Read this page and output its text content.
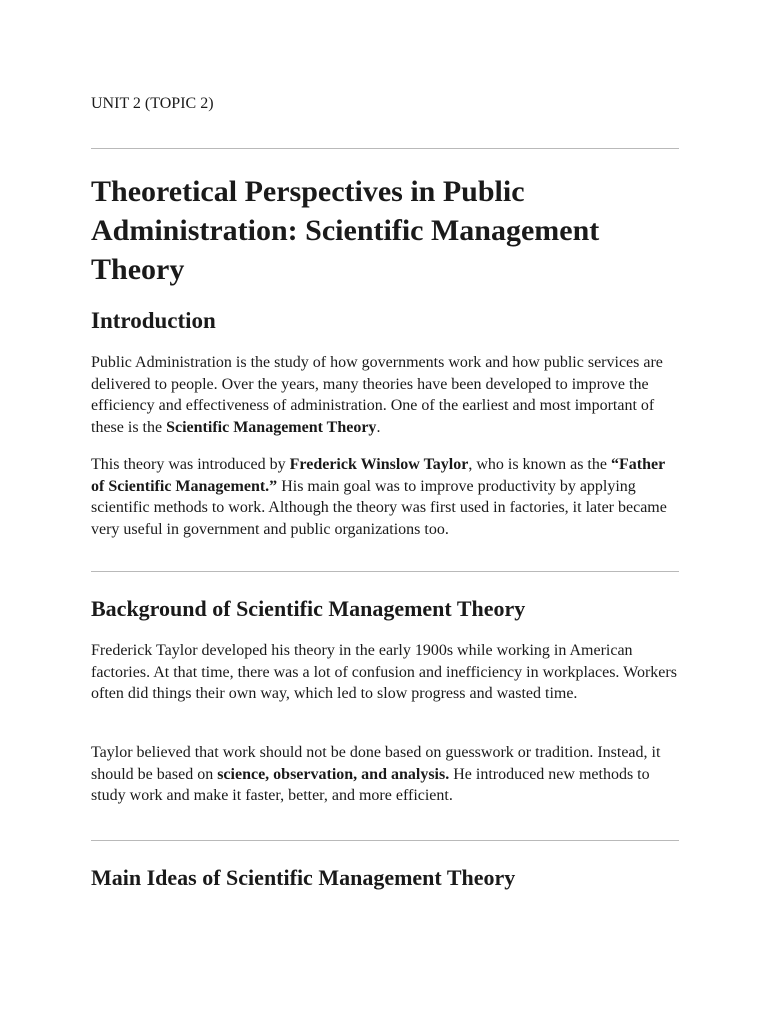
UNIT 2 (TOPIC 2)
Theoretical Perspectives in Public Administration: Scientific Management Theory
Introduction

Public Administration is the study of how governments work and how public services are delivered to people. Over the years, many theories have been developed to improve the efficiency and effectiveness of administration. One of the earliest and most important of these is the Scientific Management Theory.

This theory was introduced by Frederick Winslow Taylor, who is known as the “Father of Scientific Management.” His main goal was to improve productivity by applying scientific methods to work. Although the theory was first used in factories, it later became very useful in government and public organizations too.

Background of Scientific Management Theory

Frederick Taylor developed his theory in the early 1900s while working in American factories. At that time, there was a lot of confusion and inefficiency in workplaces. Workers often did things their own way, which led to slow progress and wasted time.

Taylor believed that work should not be done based on guesswork or tradition. Instead, it should be based on science, observation, and analysis. He introduced new methods to study work and make it faster, better, and more efficient.

Main Ideas of Scientific Management Theory
